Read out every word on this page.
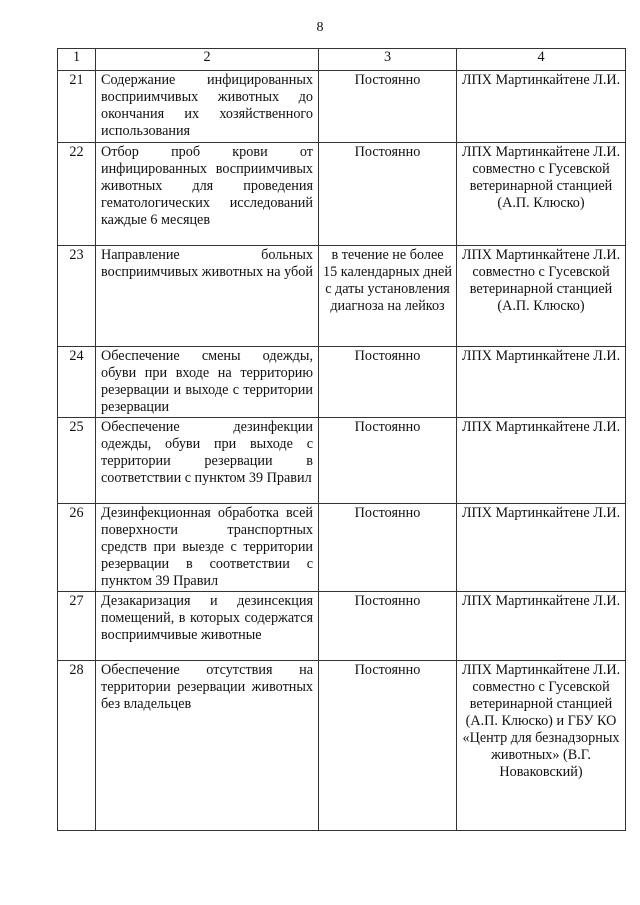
8
1	2	3	4
21	Содержание инфицированных восприимчивых животных до окончания их хозяйственного использования	Постоянно	ЛПХ Мартинкайтене Л.И.
22	Отбор проб крови от инфицированных восприимчивых животных для проведения гематологических исследований каждые 6 месяцев	Постоянно	ЛПХ Мартинкайтене Л.И. совместно с Гусевской ветеринарной станцией (А.П. Клюско)
23	Направление больных восприимчивых животных на убой	в течение не более 15 календарных дней с даты установления диагноза на лейкоз	ЛПХ Мартинкайтене Л.И. совместно с Гусевской ветеринарной станцией (А.П. Клюско)
24	Обеспечение смены одежды, обуви при входе на территорию резервации и выходе с территории резервации	Постоянно	ЛПХ Мартинкайтене Л.И.
25	Обеспечение дезинфекции одежды, обуви при выходе с территории резервации в соответствии с пунктом 39 Правил	Постоянно	ЛПХ Мартинкайтене Л.И.
26	Дезинфекционная обработка всей поверхности транспортных средств при выезде с территории резервации в соответствии с пунктом 39 Правил	Постоянно	ЛПХ Мартинкайтене Л.И.
27	Дезакаризация и дезинсекция помещений, в которых содержатся восприимчивые животные	Постоянно	ЛПХ Мартинкайтене Л.И.
28	Обеспечение отсутствия на территории резервации животных без владельцев	Постоянно	ЛПХ Мартинкайтене Л.И. совместно с Гусевской ветеринарной станцией (А.П. Клюско) и ГБУ КО «Центр для безнадзорных животных» (В.Г. Новаковский)
